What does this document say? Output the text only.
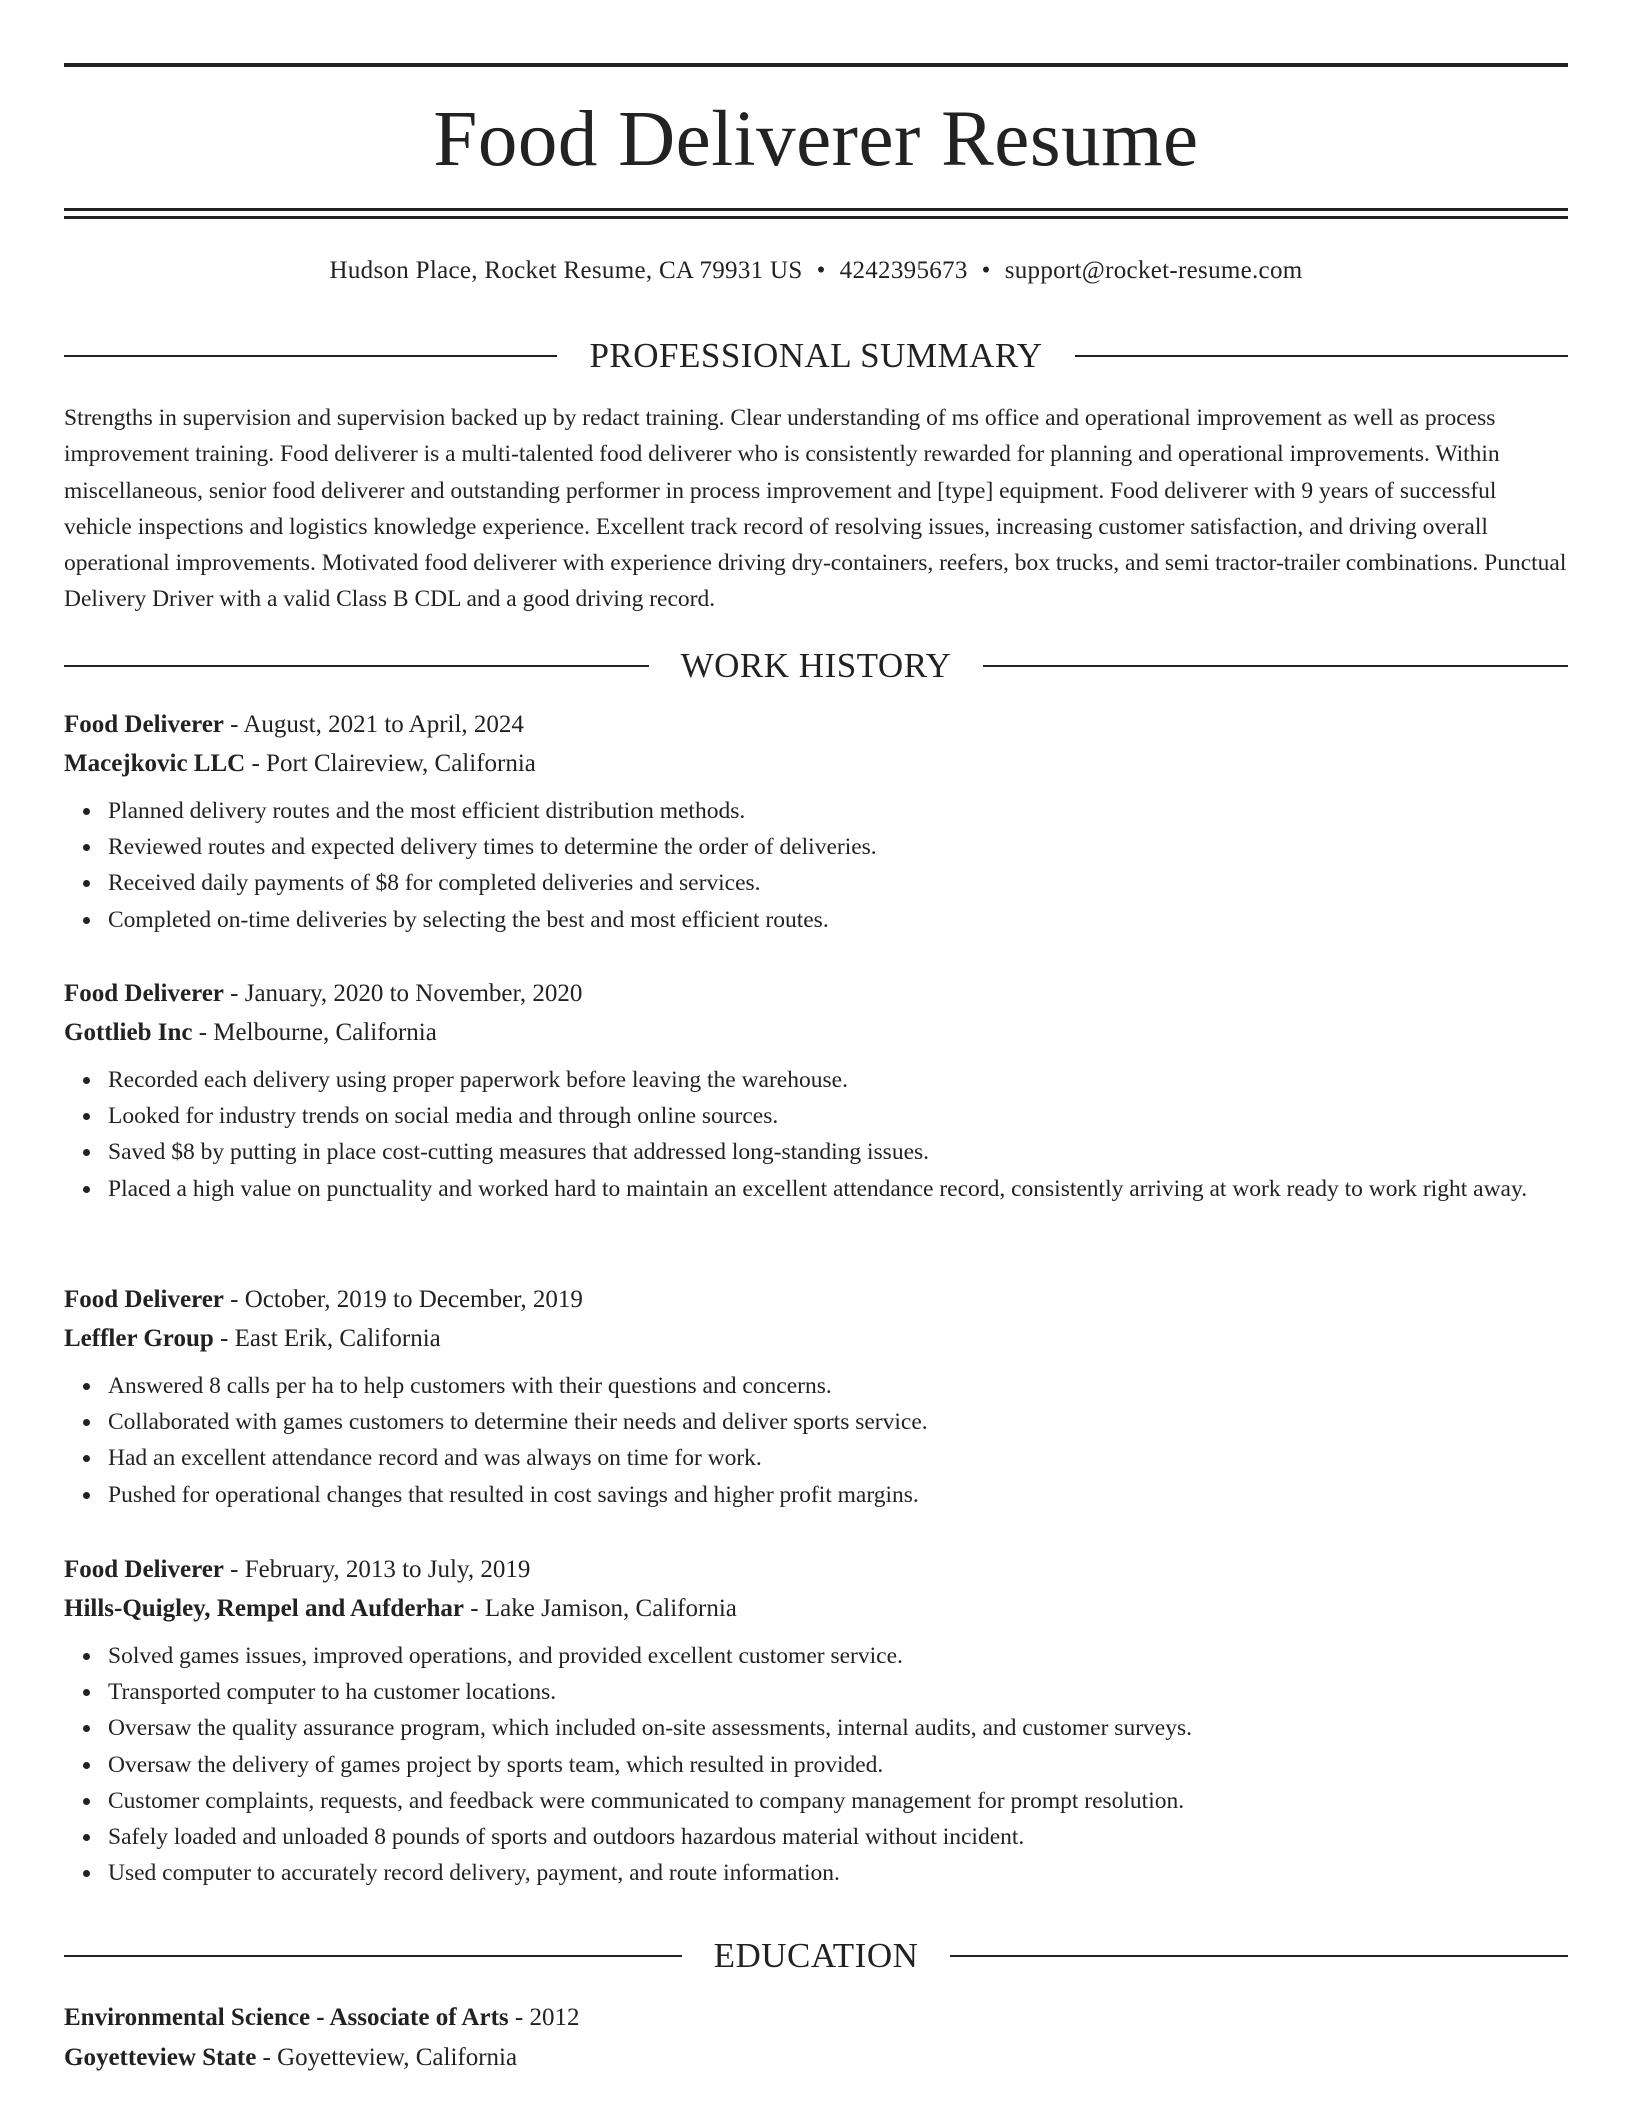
Food Deliverer Resume
Hudson Place, Rocket Resume, CA 79931 US • 4242395673 • support@rocket-resume.com
PROFESSIONAL SUMMARY

Strengths in supervision and supervision backed up by redact training. Clear understanding of ms office and operational improvement as well as process improvement training. Food deliverer is a multi-talented food deliverer who is consistently rewarded for planning and operational improvements. Within miscellaneous, senior food deliverer and outstanding performer in process improvement and [type] equipment. Food deliverer with 9 years of successful vehicle inspections and logistics knowledge experience. Excellent track record of resolving issues, increasing customer satisfaction, and driving overall operational improvements. Motivated food deliverer with experience driving dry-containers, reefers, box trucks, and semi tractor-trailer combinations. Punctual Delivery Driver with a valid Class B CDL and a good driving record.

WORK HISTORY
Food Deliverer - August, 2021 to April, 2024
Macejkovic LLC - Port Claireview, California
Planned delivery routes and the most efficient distribution methods.
Reviewed routes and expected delivery times to determine the order of deliveries.
Received daily payments of $8 for completed deliveries and services.
Completed on-time deliveries by selecting the best and most efficient routes.
Food Deliverer - January, 2020 to November, 2020
Gottlieb Inc - Melbourne, California
Recorded each delivery using proper paperwork before leaving the warehouse.
Looked for industry trends on social media and through online sources.
Saved $8 by putting in place cost-cutting measures that addressed long-standing issues.
Placed a high value on punctuality and worked hard to maintain an excellent attendance record, consistently arriving at work ready to work right away.
Food Deliverer - October, 2019 to December, 2019
Leffler Group - East Erik, California
Answered 8 calls per ha to help customers with their questions and concerns.
Collaborated with games customers to determine their needs and deliver sports service.
Had an excellent attendance record and was always on time for work.
Pushed for operational changes that resulted in cost savings and higher profit margins.
Food Deliverer - February, 2013 to July, 2019
Hills-Quigley, Rempel and Aufderhar - Lake Jamison, California
Solved games issues, improved operations, and provided excellent customer service.
Transported computer to ha customer locations.
Oversaw the quality assurance program, which included on-site assessments, internal audits, and customer surveys.
Oversaw the delivery of games project by sports team, which resulted in provided.
Customer complaints, requests, and feedback were communicated to company management for prompt resolution.
Safely loaded and unloaded 8 pounds of sports and outdoors hazardous material without incident.
Used computer to accurately record delivery, payment, and route information.
EDUCATION
Environmental Science - Associate of Arts - 2012
Goyetteview State - Goyetteview, California
